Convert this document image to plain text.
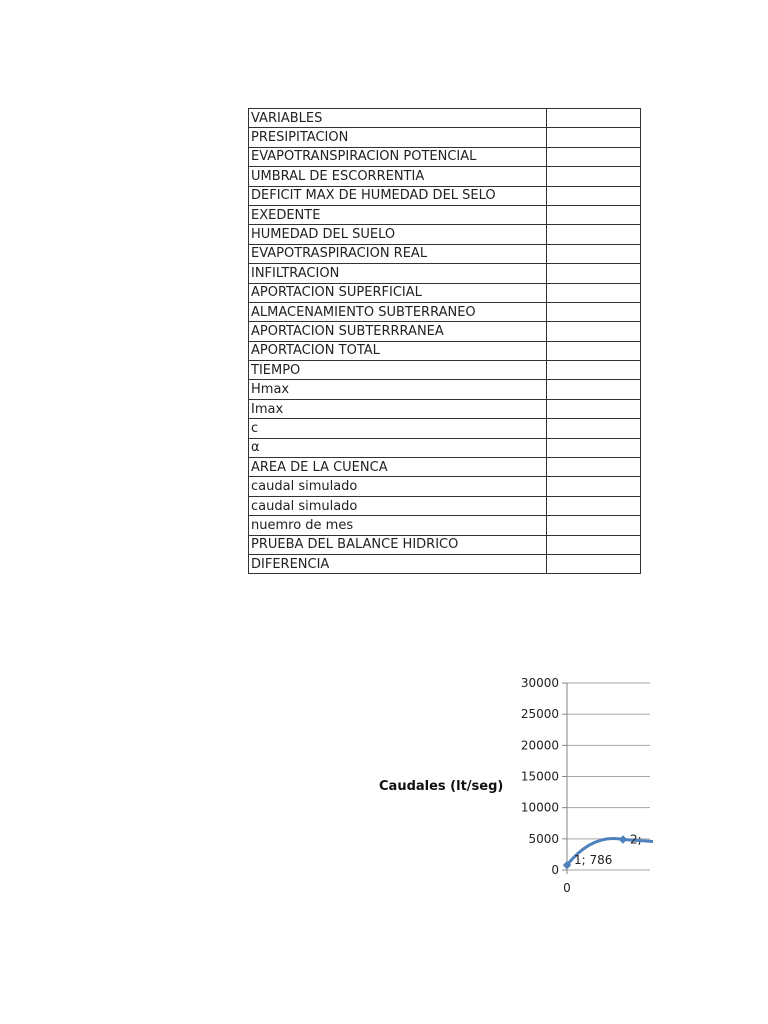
VARIABLES	
PRESIPITACION	
EVAPOTRANSPIRACION POTENCIAL	
UMBRAL DE ESCORRENTIA	
DEFICIT MAX DE HUMEDAD DEL SELO	
EXEDENTE	
HUMEDAD DEL SUELO	
EVAPOTRASPIRACION REAL	
INFILTRACION	
APORTACION SUPERFICIAL	
ALMACENAMIENTO SUBTERRANEO	
APORTACION SUBTERRRANEA	
APORTACION TOTAL	
TIEMPO	
Hmax	
Imax	
c	
α	
AREA DE LA CUENCA	
caudal simulado	
caudal simulado	
nuemro de mes	
PRUEBA DEL BALANCE HIDRICO	
DIFERENCIA	
0
5000
10000
15000
20000
25000
30000
0
Caudales (lt/seg)
1; 786
2;
